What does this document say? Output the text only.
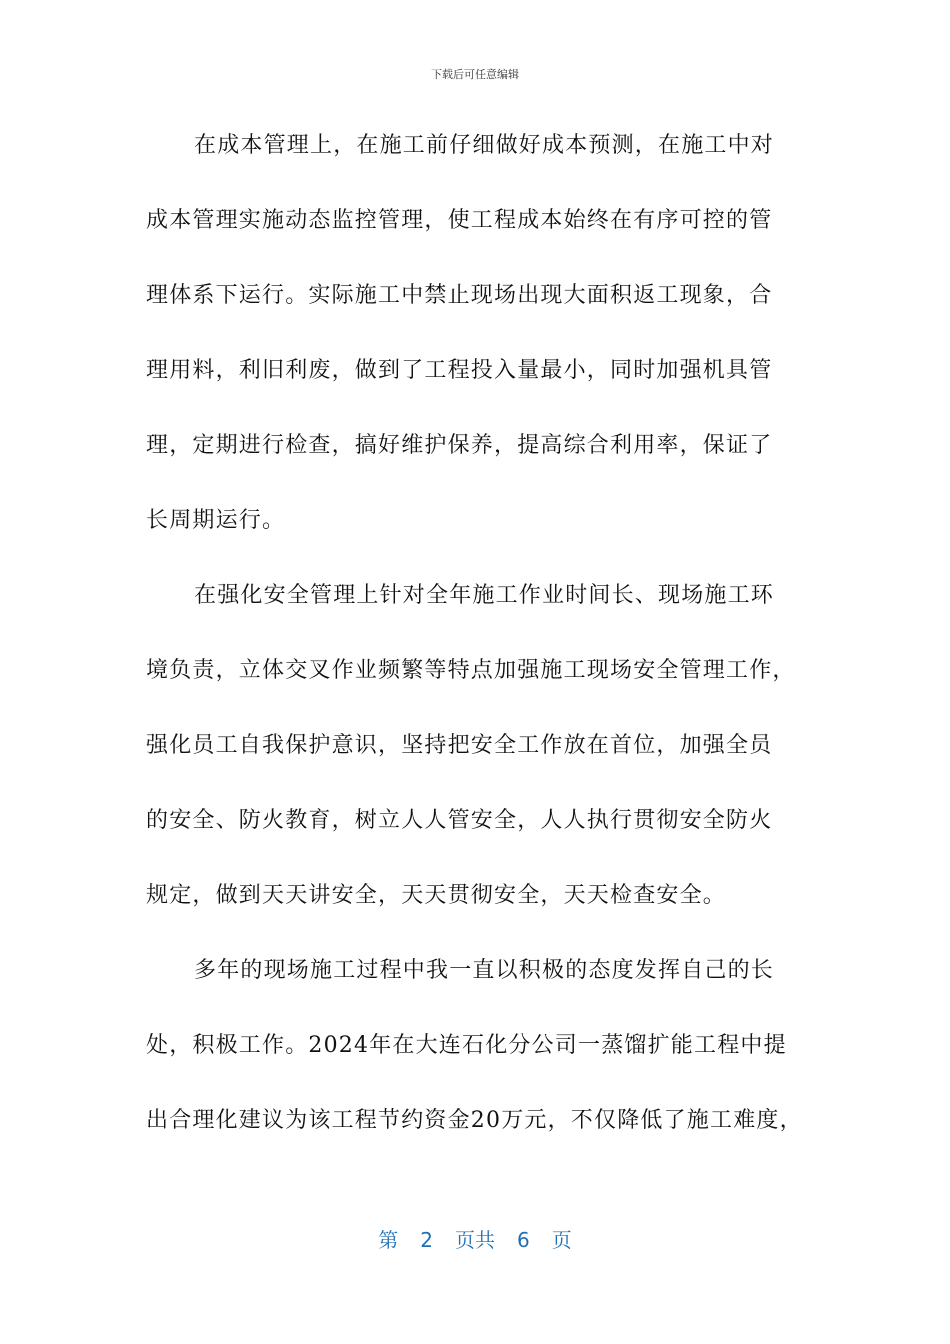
下载后可任意编辑
在成本管理上，在施工前仔细做好成本预测，在施工中对
成本管理实施动态监控管理，使工程成本始终在有序可控的管
理体系下运行。实际施工中禁止现场出现大面积返工现象，合
理用料，利旧利废，做到了工程投入量最小，同时加强机具管
理，定期进行检查，搞好维护保养，提高综合利用率，保证了
长周期运行。
在强化安全管理上针对全年施工作业时间长、现场施工环
境负责，立体交叉作业频繁等特点加强施工现场安全管理工作，
强化员工自我保护意识，坚持把安全工作放在首位，加强全员
的安全、防火教育，树立人人管安全，人人执行贯彻安全防火
规定，做到天天讲安全，天天贯彻安全，天天检查安全。
多年的现场施工过程中我一直以积极的态度发挥自己的长
处，积极工作。2024年在大连石化分公司一蒸馏扩能工程中提
出合理化建议为该工程节约资金20万元，不仅降低了施工难度，
第 2 页共 6 页
